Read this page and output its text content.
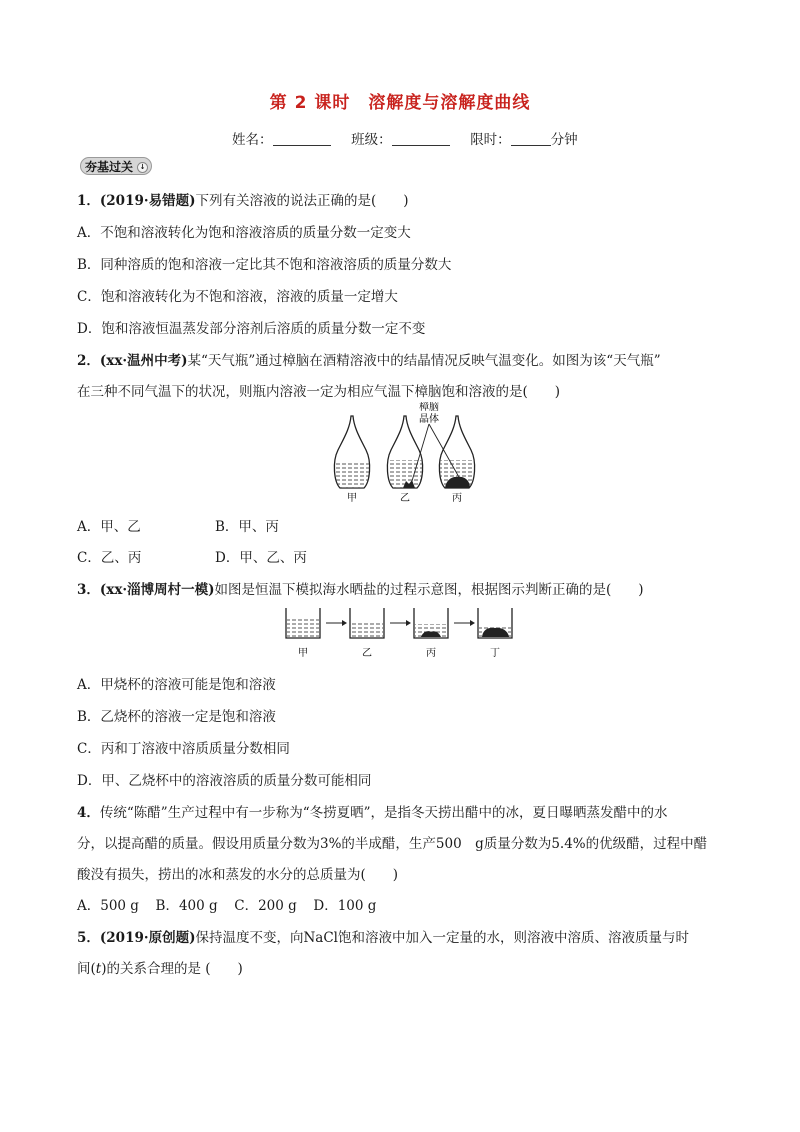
第 2 课时 溶解度与溶解度曲线
姓名：	班级：	限时：	分钟
夯基过关 ↓
1．(2019·易错题)下列有关溶液的说法正确的是(　　)
A．不饱和溶液转化为饱和溶液溶质的质量分数一定变大
B．同种溶质的饱和溶液一定比其不饱和溶液溶质的质量分数大
C．饱和溶液转化为不饱和溶液，溶液的质量一定增大
D．饱和溶液恒温蒸发部分溶剂后溶质的质量分数一定不变
2．(xx·温州中考)某“天气瓶”通过樟脑在酒精溶液中的结晶情况反映气温变化。如图为该“天气瓶”
在三种不同气温下的状况，则瓶内溶液一定为相应气温下樟脑饱和溶液的是(　　)
樟脑
晶体
甲	乙	丙
A．甲、乙	B．甲、丙
C．乙、丙	D．甲、乙、丙
3．(xx·淄博周村一模)如图是恒温下模拟海水晒盐的过程示意图，根据图示判断正确的是(　　)
甲	乙	丙	丁
A．甲烧杯的溶液可能是饱和溶液
B．乙烧杯的溶液一定是饱和溶液
C．丙和丁溶液中溶质质量分数相同
D．甲、乙烧杯中的溶液溶质的质量分数可能相同
4．传统“陈醋”生产过程中有一步称为“冬捞夏晒”，是指冬天捞出醋中的冰，夏日曝晒蒸发醋中的水
分，以提高醋的质量。假设用质量分数为3%的半成醋，生产500　g质量分数为5.4%的优级醋，过程中醋
酸没有损失，捞出的冰和蒸发的水分的总质量为(　　)
A．500 g B．400 g C．200 g D．100 g
5．(2019·原创题)保持温度不变，向NaCl饱和溶液中加入一定量的水，则溶液中溶质、溶液质量与时
间(t)的关系合理的是 (　　)
